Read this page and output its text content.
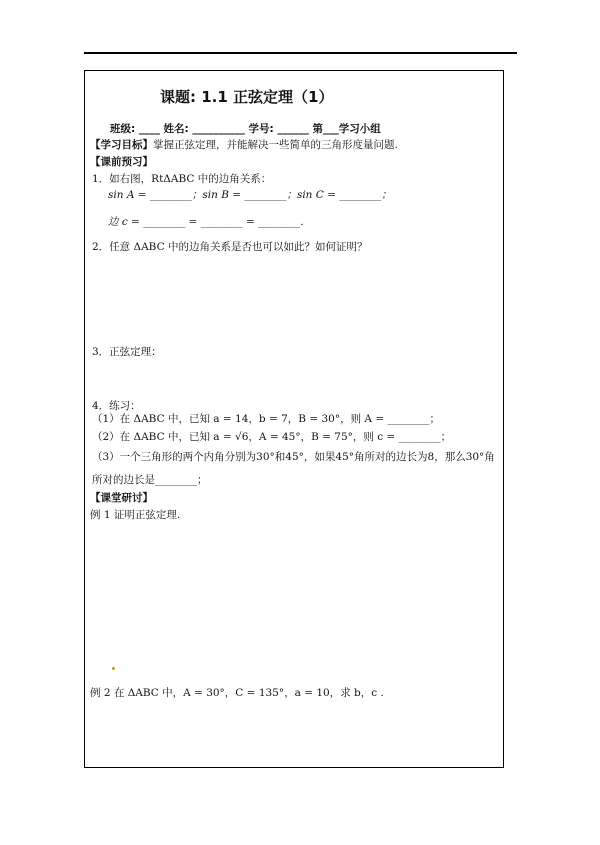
课题: 1.1 正弦定理（1）
班级: ____ 姓名: __________ 学号: ______ 第___学习小组
【学习目标】掌握正弦定理，并能解决一些简单的三角形度量问题.
【课前预习】
1．如右图，RtΔABC 中的边角关系：
sin A = ________；sin B = ________；sin C = ________；
边 c = ________ = ________ = ________．
2．任意 ΔABC 中的边角关系是否也可以如此？如何证明？
3．正弦定理：
4．练习：
（1）在 ΔABC 中，已知 a = 14，b = 7，B = 30°，则 A = ________；
（2）在 ΔABC 中，已知 a = √6，A = 45°，B = 75°，则 c = ________；
（3）一个三角形的两个内角分别为30°和45°，如果45°角所对的边长为8，那么30°角
所对的边长是________；
【课堂研讨】
例 1 证明正弦定理.
例 2 在 ΔABC 中，A = 30°，C = 135°，a = 10，求 b，c .
